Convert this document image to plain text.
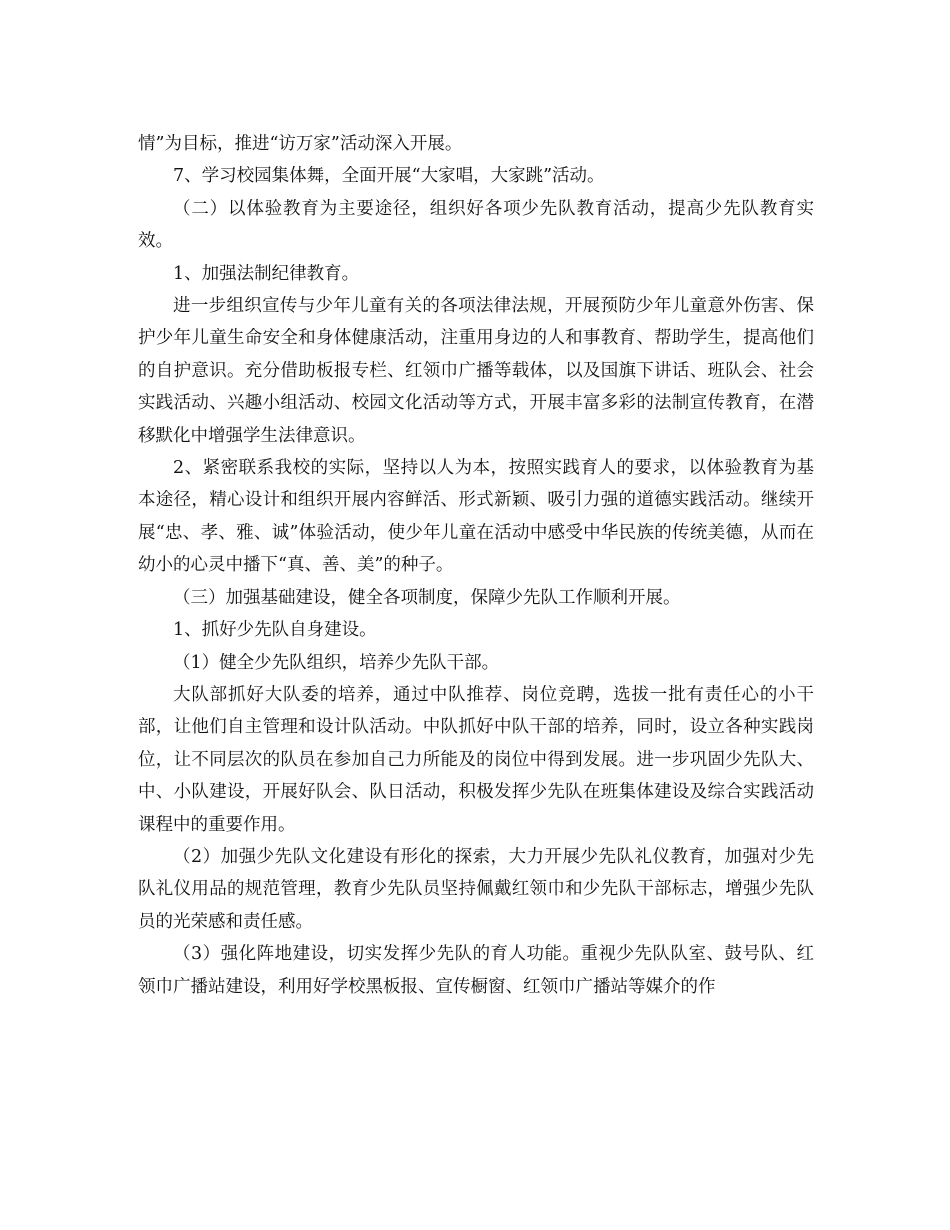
情”为目标，推进“访万家”活动深入开展。

7、学习校园集体舞，全面开展“大家唱，大家跳”活动。

（二）以体验教育为主要途径，组织好各项少先队教育活动，提高少先队教育实效。

1、加强法制纪律教育。

进一步组织宣传与少年儿童有关的各项法律法规，开展预防少年儿童意外伤害、保护少年儿童生命安全和身体健康活动，注重用身边的人和事教育、帮助学生，提高他们的自护意识。充分借助板报专栏、红领巾广播等载体，以及国旗下讲话、班队会、社会实践活动、兴趣小组活动、校园文化活动等方式，开展丰富多彩的法制宣传教育，在潜移默化中增强学生法律意识。

2、紧密联系我校的实际，坚持以人为本，按照实践育人的要求，以体验教育为基本途径，精心设计和组织开展内容鲜活、形式新颖、吸引力强的道德实践活动。继续开展“忠、孝、雅、诚”体验活动，使少年儿童在活动中感受中华民族的传统美德，从而在幼小的心灵中播下“真、善、美”的种子。

（三）加强基础建设，健全各项制度，保障少先队工作顺利开展。

1、抓好少先队自身建设。

（1）健全少先队组织，培养少先队干部。

大队部抓好大队委的培养，通过中队推荐、岗位竞聘，选拔一批有责任心的小干部，让他们自主管理和设计队活动。中队抓好中队干部的培养，同时，设立各种实践岗位，让不同层次的队员在参加自己力所能及的岗位中得到发展。进一步巩固少先队大、中、小队建设，开展好队会、队日活动，积极发挥少先队在班集体建设及综合实践活动课程中的重要作用。

（2）加强少先队文化建设有形化的探索，大力开展少先队礼仪教育，加强对少先队礼仪用品的规范管理，教育少先队员坚持佩戴红领巾和少先队干部标志，增强少先队员的光荣感和责任感。

（3）强化阵地建设，切实发挥少先队的育人功能。重视少先队队室、鼓号队、红领巾广播站建设，利用好学校黑板报、宣传橱窗、红领巾广播站等媒介的作
